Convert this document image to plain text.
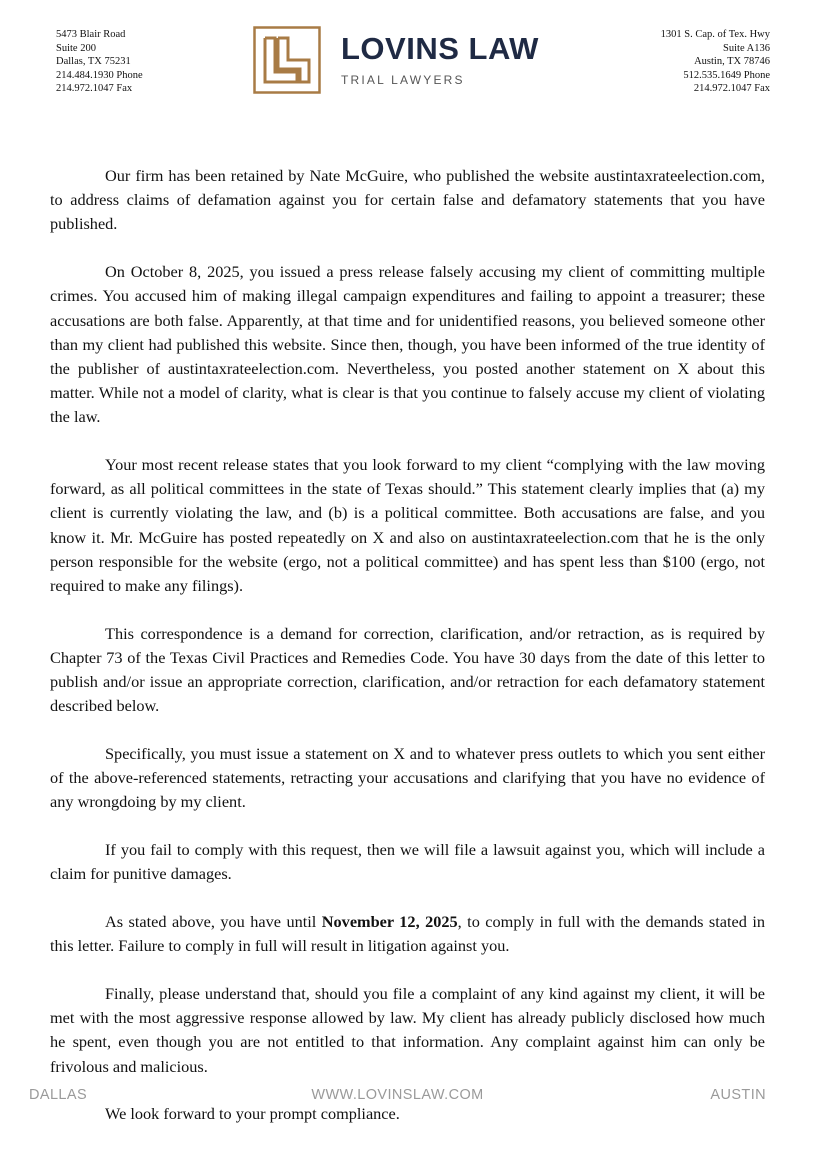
5473 Blair Road
Suite 200
Dallas, TX 75231
214.484.1930 Phone
214.972.1047 Fax
LOVINS LAW
TRIAL LAWYERS
1301 S. Cap. of Tex. Hwy
Suite A136
Austin, TX 78746
512.535.1649 Phone
214.972.1047 Fax

Our firm has been retained by Nate McGuire, who published the website austintaxrateelection.com, to address claims of defamation against you for certain false and defamatory statements that you have published.

On October 8, 2025, you issued a press release falsely accusing my client of committing multiple crimes. You accused him of making illegal campaign expenditures and failing to appoint a treasurer; these accusations are both false. Apparently, at that time and for unidentified reasons, you believed someone other than my client had published this website. Since then, though, you have been informed of the true identity of the publisher of austintaxrateelection.com. Nevertheless, you posted another statement on X about this matter. While not a model of clarity, what is clear is that you continue to falsely accuse my client of violating the law.

Your most recent release states that you look forward to my client “complying with the law moving forward, as all political committees in the state of Texas should.” This statement clearly implies that (a) my client is currently violating the law, and (b) is a political committee. Both accusations are false, and you know it. Mr. McGuire has posted repeatedly on X and also on austintaxrateelection.com that he is the only person responsible for the website (ergo, not a political committee) and has spent less than $100 (ergo, not required to make any filings).

This correspondence is a demand for correction, clarification, and/or retraction, as is required by Chapter 73 of the Texas Civil Practices and Remedies Code. You have 30 days from the date of this letter to publish and/or issue an appropriate correction, clarification, and/or retraction for each defamatory statement described below.

Specifically, you must issue a statement on X and to whatever press outlets to which you sent either of the above-referenced statements, retracting your accusations and clarifying that you have no evidence of any wrongdoing by my client.

If you fail to comply with this request, then we will file a lawsuit against you, which will include a claim for punitive damages.

As stated above, you have until November 12, 2025, to comply in full with the demands stated in this letter. Failure to comply in full will result in litigation against you.

Finally, please understand that, should you file a complaint of any kind against my client, it will be met with the most aggressive response allowed by law. My client has already publicly disclosed how much he spent, even though you are not entitled to that information. Any complaint against him can only be frivolous and malicious.

We look forward to your prompt compliance.

DALLAS	WWW.LOVINSLAW.COM	AUSTIN
